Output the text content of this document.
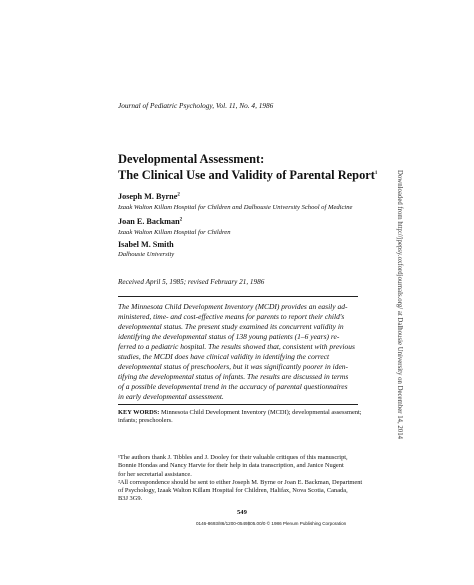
Journal of Pediatric Psychology, Vol. 11, No. 4, 1986
Developmental Assessment:
The Clinical Use and Validity of Parental Report$^1$
Joseph M. Byrne$^2$
Izaak Walton Killam Hospital for Children and Dalhousie University School of Medicine
Joan E. Backman$^2$
Izaak Walton Killam Hospital for Children
Isabel M. Smith
Dalhousie University
Received April 5, 1985; revised February 21, 1986
The Minnesota Child Development Inventory (MCDI) provides an easily ad-
ministered, time- and cost-effective means for parents to report their child's
developmental status. The present study examined its concurrent validity in
identifying the developmental status of 138 young patients (1–6 years) re-
ferred to a pediatric hospital. The results showed that, consistent with previous
studies, the MCDI does have clinical validity in identifying the correct
developmental status of preschoolers, but it was significantly poorer in iden-
tifying the developmental status of infants. The results are discussed in terms
of a possible developmental trend in the accuracy of parental questionnaires
in early developmental assessment.
KEY WORDS: Minnesota Child Development Inventory (MCDI); developmental assessment;
infants; preschoolers.
¹The authors thank J. Tibbles and J. Dooley for their valuable critiques of this manuscript,
Bonnie Hondas and Nancy Harvie for their help in data transcription, and Janice Nugent
for her secretarial assistance.
²All correspondence should be sent to either Joseph M. Byrne or Joan E. Backman, Department
of Psychology, Izaak Walton Killam Hospital for Children, Halifax, Nova Scotia, Canada,
B3J 3G9.
549
0146-8693/86/1200-0549$05.00/0 © 1986 Plenum Publishing Corporation
Downloaded from http://jpepsy.oxfordjournals.org/ at Dalhousie University on December 14, 2014
